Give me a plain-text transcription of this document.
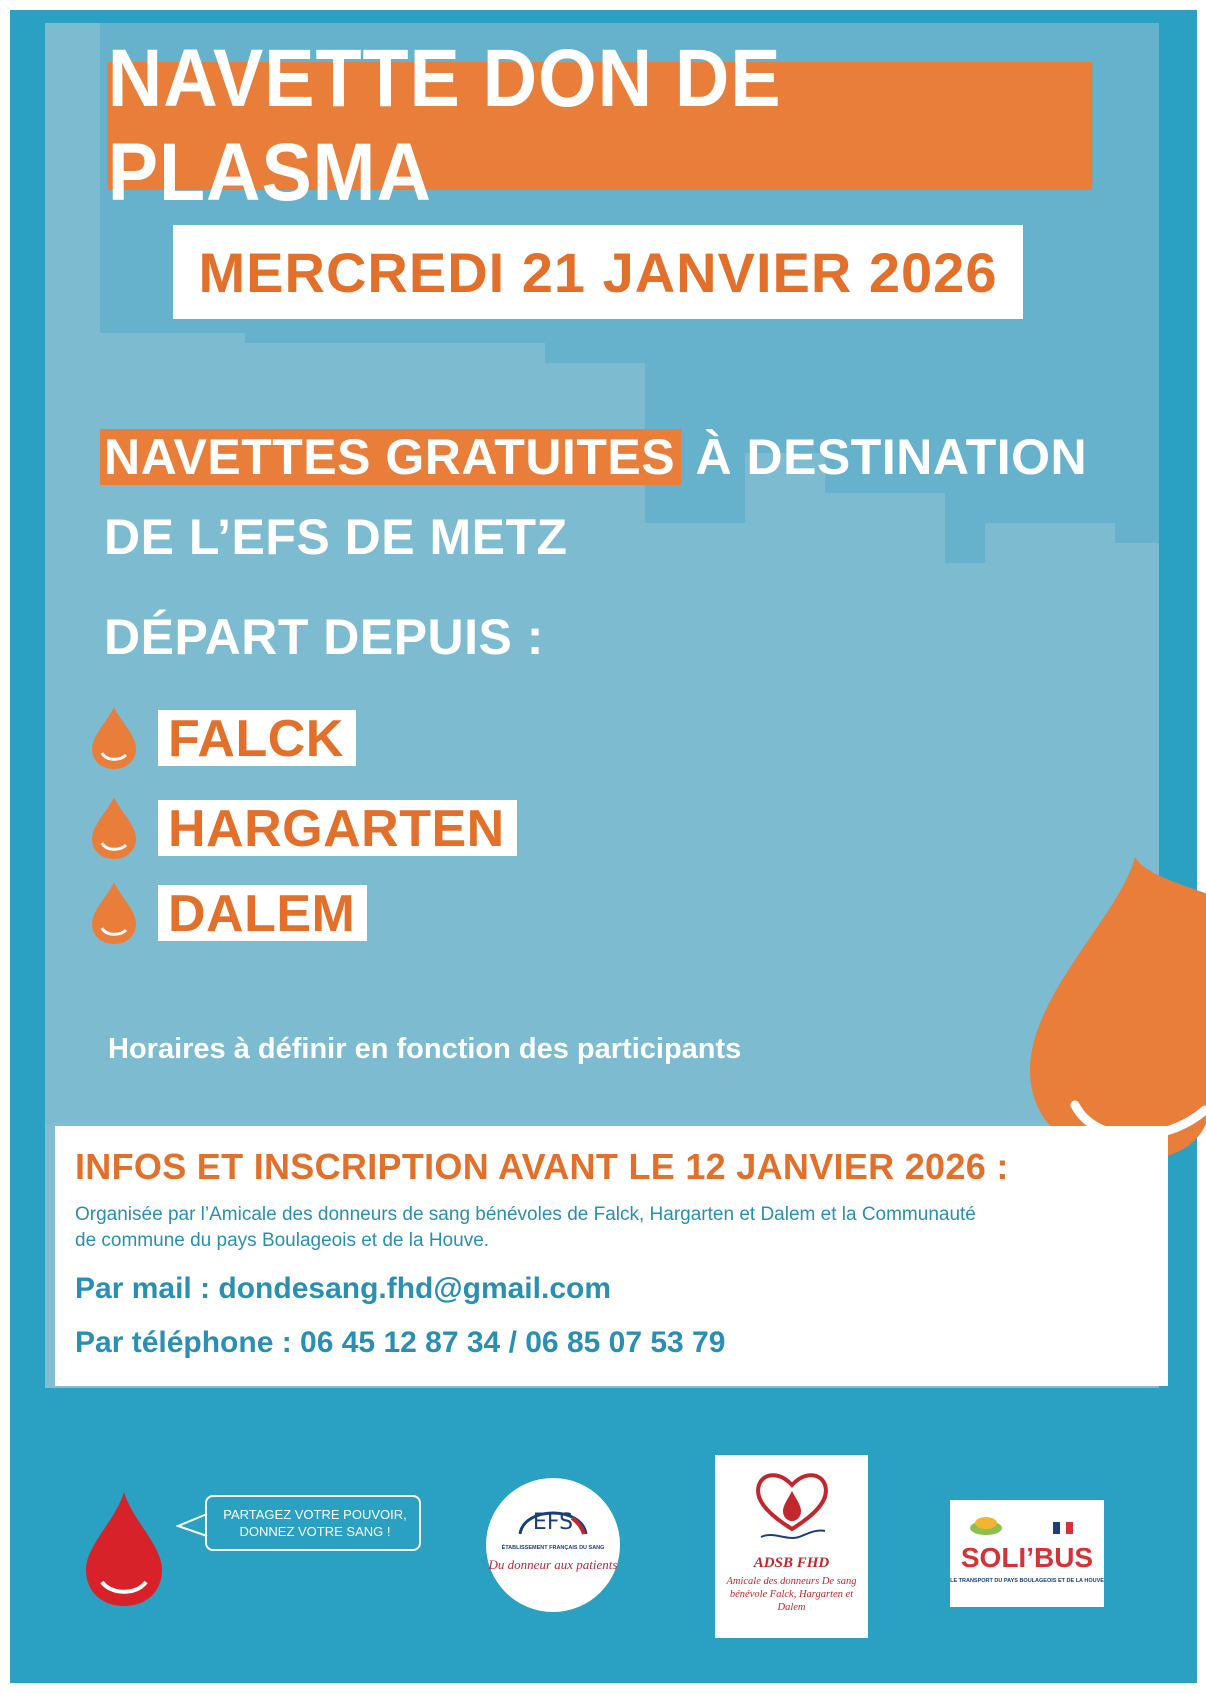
NAVETTE DON DE PLASMA
MERCREDI 21 JANVIER 2026
NAVETTES GRATUITES À DESTINATION
DE L’EFS DE METZ
DÉPART DEPUIS :
FALCK
HARGARTEN
DALEM
Horaires à définir en fonction des participants
INFOS ET INSCRIPTION AVANT LE 12 JANVIER 2026 :
Organisée par l’Amicale des donneurs de sang bénévoles de Falck, Hargarten et Dalem et la Communauté de commune du pays Boulageois et de la Houve.
Par mail : dondesang.fhd@gmail.com
Par téléphone : 06 45 12 87 34 / 06 85 07 53 79
PARTAGEZ VOTRE POUVOIR,
DONNEZ VOTRE SANG !	EFS
ÉTABLISSEMENT FRANÇAIS DU SANG
Du donneur aux patients	ADSB FHD
Amicale des donneurs De sang bénévole Falck, Hargarten et Dalem
SOLI’BUS
LE TRANSPORT DU PAYS BOULAGEOIS ET DE LA HOUVE
